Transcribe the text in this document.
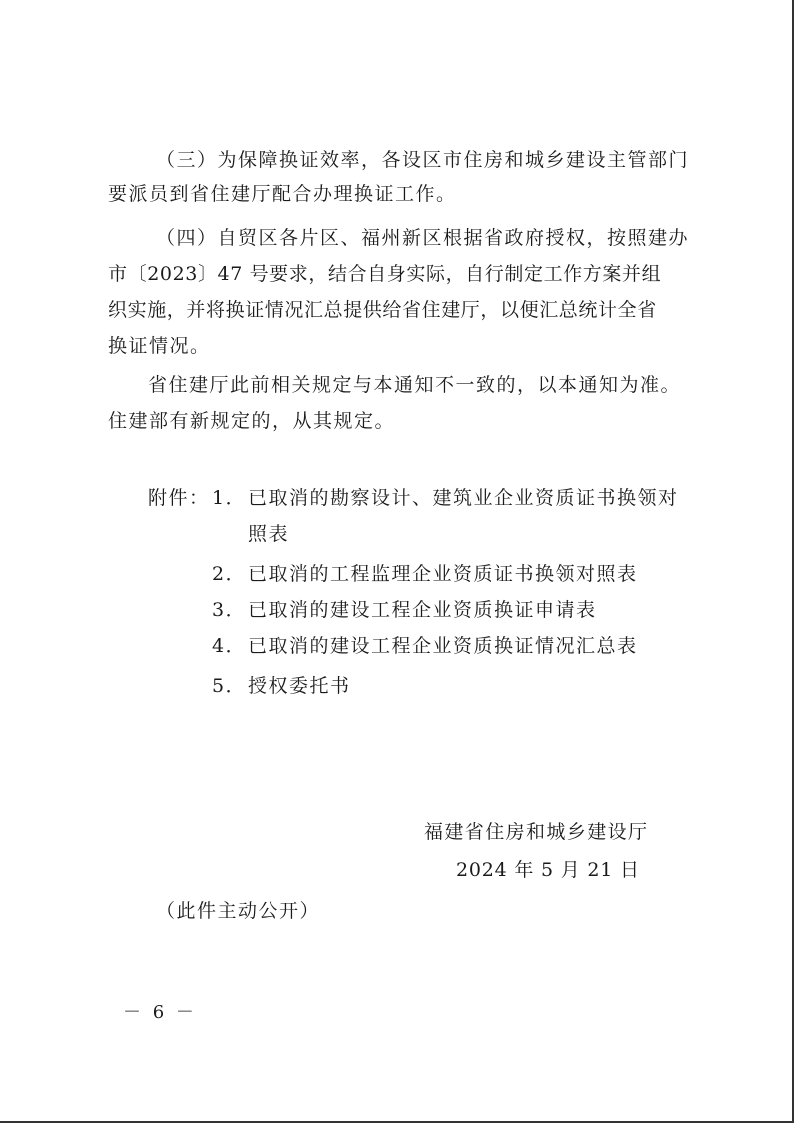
（三）为保障换证效率，各设区市住房和城乡建设主管部门
要派员到省住建厅配合办理换证工作。
（四）自贸区各片区、福州新区根据省政府授权，按照建办
市〔2023〕47 号要求，结合自身实际，自行制定工作方案并组
织实施，并将换证情况汇总提供给省住建厅，以便汇总统计全省
换证情况。
省住建厅此前相关规定与本通知不一致的，以本通知为准。
住建部有新规定的，从其规定。
附件： 1． 已取消的勘察设计、建筑业企业资质证书换领对
照表
2． 已取消的工程监理企业资质证书换领对照表
3． 已取消的建设工程企业资质换证申请表
4． 已取消的建设工程企业资质换证情况汇总表
5． 授权委托书
福建省住房和城乡建设厅
2024 年 5 月 21 日
（此件主动公开）
－ 6 －
